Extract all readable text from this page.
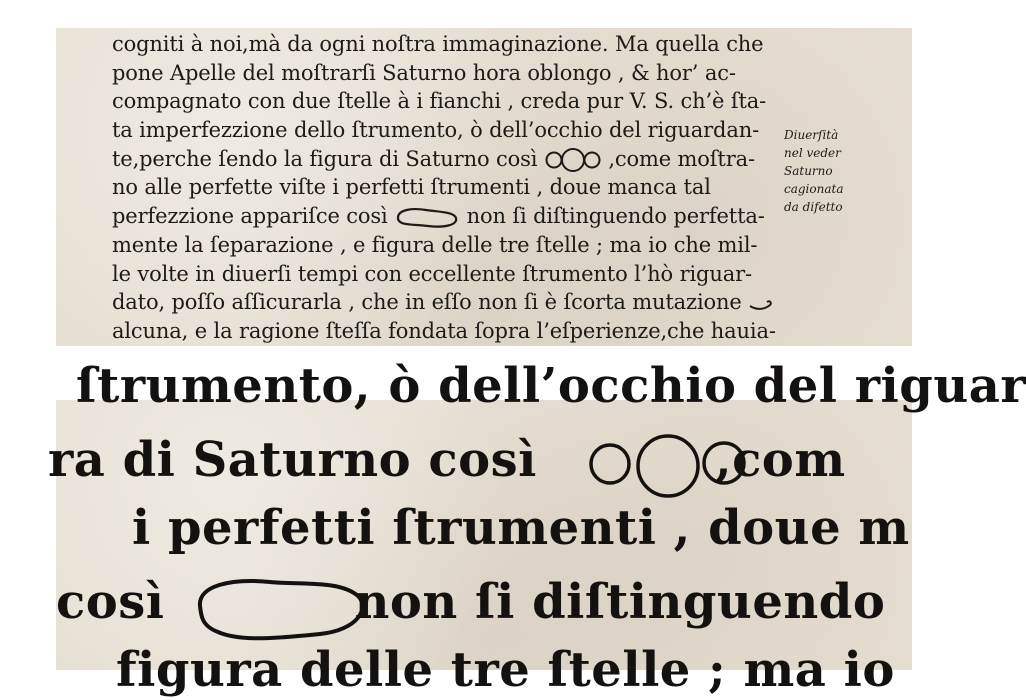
cogniti à noi,mà da ogni noſtra immaginazione. Ma quella che
pone Apelle del moſtrarſi Saturno hora oblongo , & hor’ ac-
compagnato con due ſtelle à i fianchi , creda pur V. S. ch’è ſta-
ta imperfezzione dello ſtrumento, ò dell’occhio del riguardan-
te,perche ſendo la figura di Saturno così	,come moſtra-
no alle perfette viſte i perfetti ſtrumenti , doue manca tal
perfezzione appariſce così	non ſi diſtinguendo perfetta-
mente la ſeparazione , e figura delle tre ſtelle ; ma io che mil-
le volte in diuerſi tempi con eccellente ſtrumento l’hò riguar-
dato, poſſo aſſicurarla , che in eſſo non ſi è ſcorta mutazione
alcuna, e la ragione ſteſſa fondata ſopra l’eſperienze,che hauia-
Diuerſità
nel veder
Saturno
cagionata
da difetto
ſtrumento, ò dell’occhio del riguar
ra di Saturno così	,com
i perfetti ſtrumenti , doue m
così	non ſi diſtinguendo
figura delle tre ſtelle ; ma io
